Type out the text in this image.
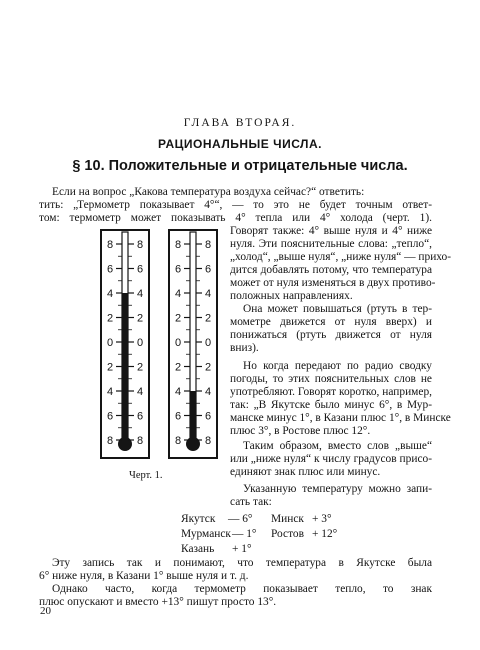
ГЛАВА ВТОРАЯ.
РАЦИОНАЛЬНЫЕ ЧИСЛА.
§ 10. Положительные и отрицательные числа.
Если на вопрос „Какова температура воздуха сейчас?“ ответить:
тить: „Термометр показывает 4°“, — то это не будет точным ответ-
том: термометр может показывать 4° тепла или 4° холода (черт. 1).
8 8
6 6
4 4
2 2
0 0
2 2
4 4
6 6
8 8
8 8
6 6
4 4
2 2
0 0
2 2
4 4
6 6
8 8
Черт. 1.
Говорят также: 4° выше нуля и 4° ниже
нуля. Эти пояснительные слова: „тепло“,
„холод“, „выше нуля“, „ниже нуля“ — прихо-
дится добавлять потому, что температура
может от нуля изменяться в двух противо-
положных направлениях.
Она может повышаться (ртуть в тер-
мометре движется от нуля вверх) и
понижаться (ртуть движется от нуля
вниз).
Но когда передают по радио сводку
погоды, то этих пояснительных слов не
употребляют. Говорят коротко, например,
так: „В Якутске было минус 6°, в Мур-
манске минус 1°, в Казани плюс 1°, в Минске
плюс 3°, в Ростове плюс 12°.
Таким образом, вместо слов „выше“
или „ниже нуля“ к числу градусов присо-
единяют знак плюс или минус.
Указанную температуру можно запи-
сать так:
Якутск — 6°
Мурманск — 1°
Казань + 1°
Минск + 3°
Ростов + 12°
Эту запись так и понимают, что температура в Якутске была
6° ниже нуля, в Казани 1° выше нуля и т. д.
Однако часто, когда термометр показывает тепло, то знак
плюс опускают и вместо +13° пишут просто 13°.
20
